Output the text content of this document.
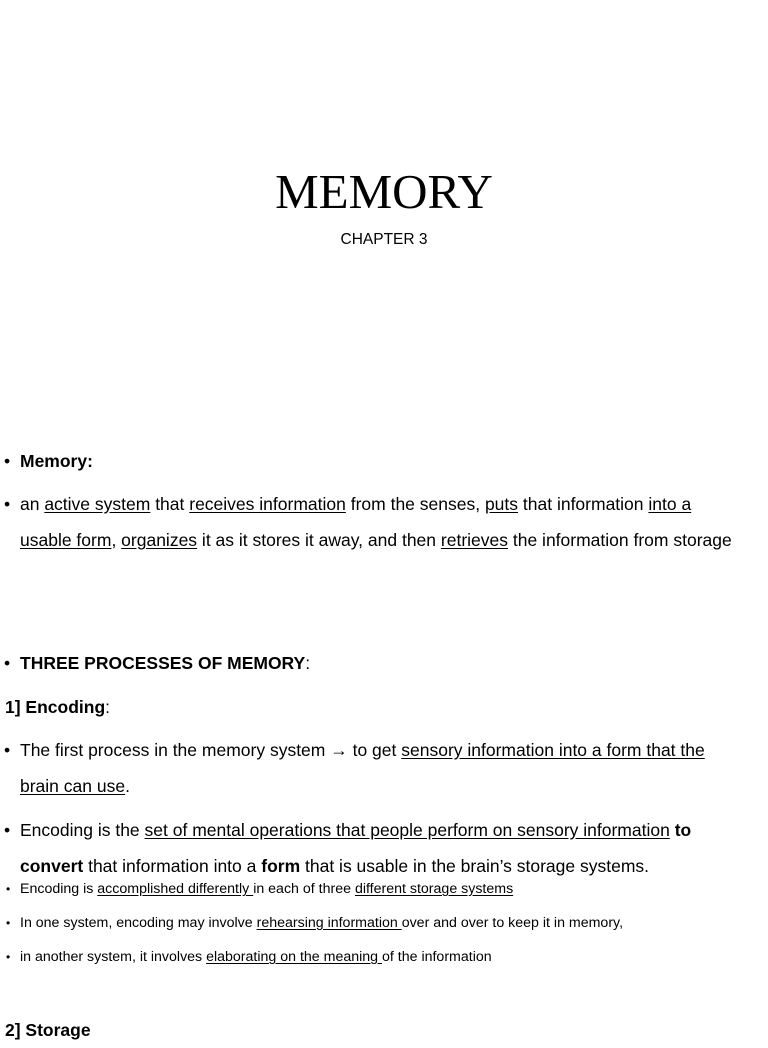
MEMORY
CHAPTER 3
• Memory:
• an active system that receives information from the senses, puts that information into a usable form, organizes it as it stores it away, and then retrieves the information from storage
• THREE PROCESSES OF MEMORY:
1] Encoding:
• The first process in the memory system → to get sensory information into a form that the brain can use.
• Encoding is the set of mental operations that people perform on sensory information to convert that information into a form that is usable in the brain’s storage systems.
• Encoding is accomplished differently in each of three different storage systems
• In one system, encoding may involve rehearsing information over and over to keep it in memory,
• in another system, it involves elaborating on the meaning of the information
2] Storage
